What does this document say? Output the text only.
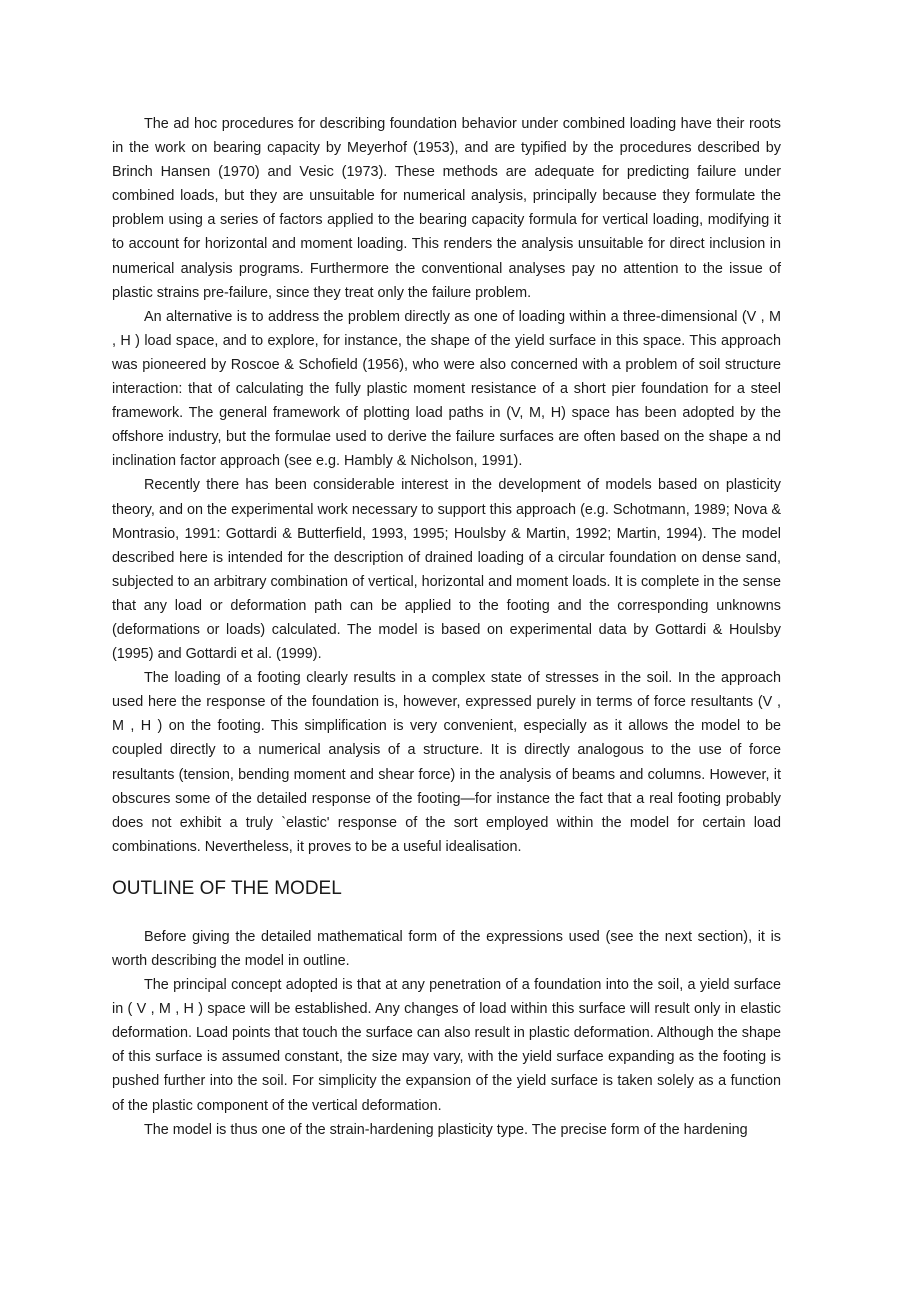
The ad hoc procedures for describing foundation behavior under combined loading have their roots in the work on bearing capacity by Meyerhof (1953), and are typified by the procedures described by Brinch Hansen (1970) and Vesic (1973). These methods are adequate for predicting failure under combined loads, but they are unsuitable for numerical analysis, principally because they formulate the problem using a series of factors applied to the bearing capacity formula for vertical loading, modifying it to account for horizontal and moment loading. This renders the analysis unsuitable for direct inclusion in numerical analysis programs. Furthermore the conventional analyses pay no attention to the issue of plastic strains pre-failure, since they treat only the failure problem.

An alternative is to address the problem directly as one of loading within a three-dimensional (V , M , H ) load space, and to explore, for instance, the shape of the yield surface in this space. This approach was pioneered by Roscoe & Schofield (1956), who were also concerned with a problem of soil structure interaction: that of calculating the fully plastic moment resistance of a short pier foundation for a steel framework. The general framework of plotting load paths in (V, M, H) space has been adopted by the offshore industry, but the formulae used to derive the failure surfaces are often based on the shape a nd inclination factor approach (see e.g. Hambly & Nicholson, 1991).

Recently there has been considerable interest in the development of models based on plasticity theory, and on the experimental work necessary to support this approach (e.g. Schotmann, 1989; Nova & Montrasio, 1991: Gottardi & Butterfield, 1993, 1995; Houlsby & Martin, 1992; Martin, 1994). The model described here is intended for the description of drained loading of a circular foundation on dense sand, subjected to an arbitrary combination of vertical, horizontal and moment loads. It is complete in the sense that any load or deformation path can be applied to the footing and the corresponding unknowns (deformations or loads) calculated. The model is based on experimental data by Gottardi & Houlsby (1995) and Gottardi et al. (1999).

The loading of a footing clearly results in a complex state of stresses in the soil. In the approach used here the response of the foundation is, however, expressed purely in terms of force resultants (V , M , H ) on the footing. This simplification is very convenient, especially as it allows the model to be coupled directly to a numerical analysis of a structure. It is directly analogous to the use of force resultants (tension, bending moment and shear force) in the analysis of beams and columns. However, it obscures some of the detailed response of the footing—for instance the fact that a real footing probably does not exhibit a truly `elastic' response of the sort employed within the model for certain load combinations. Nevertheless, it proves to be a useful idealisation.

OUTLINE OF THE MODEL

Before giving the detailed mathematical form of the expressions used (see the next section), it is worth describing the model in outline.

The principal concept adopted is that at any penetration of a foundation into the soil, a yield surface in ( V , M , H ) space will be established. Any changes of load within this surface will result only in elastic deformation. Load points that touch the surface can also result in plastic deformation. Although the shape of this surface is assumed constant, the size may vary, with the yield surface expanding as the footing is pushed further into the soil. For simplicity the expansion of the yield surface is taken solely as a function of the plastic component of the vertical deformation.

The model is thus one of the strain-hardening plasticity type. The precise form of the hardening
